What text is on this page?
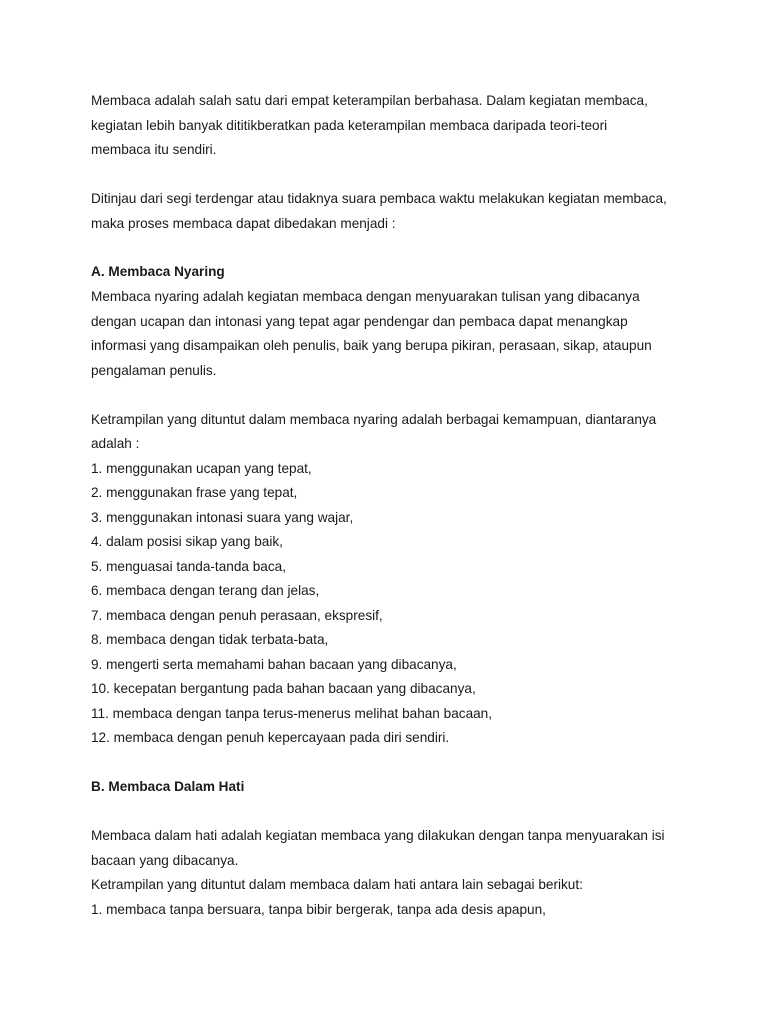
Membaca adalah salah satu dari empat keterampilan berbahasa. Dalam kegiatan membaca,
kegiatan lebih banyak dititikberatkan pada keterampilan membaca daripada teori-teori
membaca itu sendiri.
Ditinjau dari segi terdengar atau tidaknya suara pembaca waktu melakukan kegiatan membaca,
maka proses membaca dapat dibedakan menjadi :
A. Membaca Nyaring
Membaca nyaring adalah kegiatan membaca dengan menyuarakan tulisan yang dibacanya
dengan ucapan dan intonasi yang tepat agar pendengar dan pembaca dapat menangkap
informasi yang disampaikan oleh penulis, baik yang berupa pikiran, perasaan, sikap, ataupun
pengalaman penulis.
Ketrampilan yang dituntut dalam membaca nyaring adalah berbagai kemampuan, diantaranya
adalah :
1. menggunakan ucapan yang tepat,
2. menggunakan frase yang tepat,
3. menggunakan intonasi suara yang wajar,
4. dalam posisi sikap yang baik,
5. menguasai tanda-tanda baca,
6. membaca dengan terang dan jelas,
7. membaca dengan penuh perasaan, ekspresif,
8. membaca dengan tidak terbata-bata,
9. mengerti serta memahami bahan bacaan yang dibacanya,
10. kecepatan bergantung pada bahan bacaan yang dibacanya,
11. membaca dengan tanpa terus-menerus melihat bahan bacaan,
12. membaca dengan penuh kepercayaan pada diri sendiri.
B. Membaca Dalam Hati
Membaca dalam hati adalah kegiatan membaca yang dilakukan dengan tanpa menyuarakan isi
bacaan yang dibacanya.
Ketrampilan yang dituntut dalam membaca dalam hati antara lain sebagai berikut:
1. membaca tanpa bersuara, tanpa bibir bergerak, tanpa ada desis apapun,
